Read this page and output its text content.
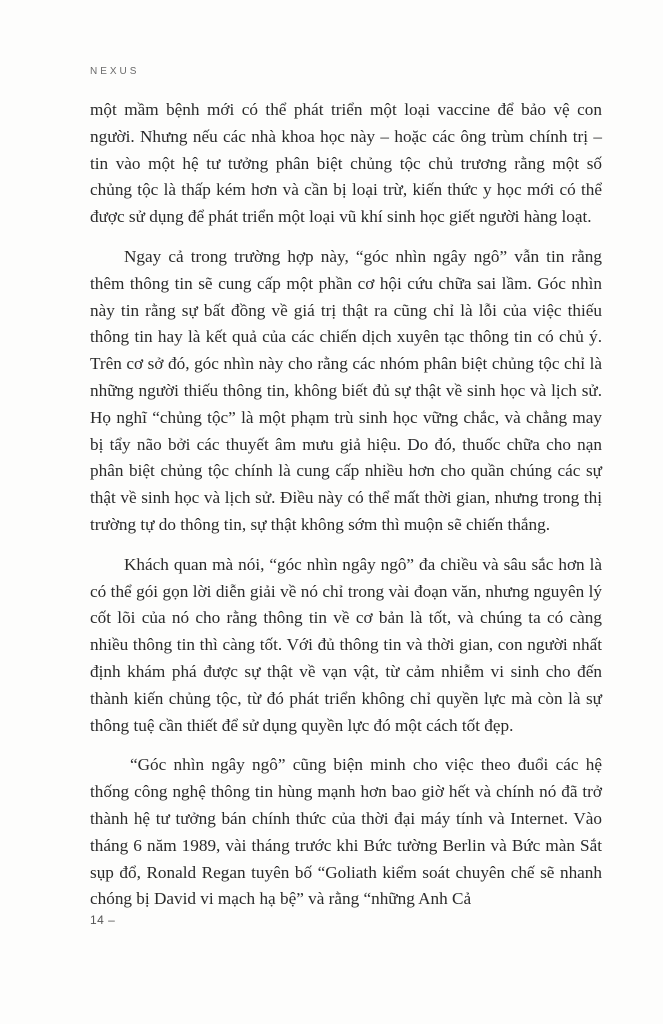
NEXUS

một mầm bệnh mới có thể phát triển một loại vaccine để bảo vệ con người. Nhưng nếu các nhà khoa học này – hoặc các ông trùm chính trị – tin vào một hệ tư tưởng phân biệt chủng tộc chủ trương rằng một số chủng tộc là thấp kém hơn và cần bị loại trừ, kiến thức y học mới có thể được sử dụng để phát triển một loại vũ khí sinh học giết người hàng loạt.

Ngay cả trong trường hợp này, “góc nhìn ngây ngô” vẫn tin rằng thêm thông tin sẽ cung cấp một phần cơ hội cứu chữa sai lầm. Góc nhìn này tin rằng sự bất đồng về giá trị thật ra cũng chỉ là lỗi của việc thiếu thông tin hay là kết quả của các chiến dịch xuyên tạc thông tin có chủ ý. Trên cơ sở đó, góc nhìn này cho rằng các nhóm phân biệt chủng tộc chỉ là những người thiếu thông tin, không biết đủ sự thật về sinh học và lịch sử. Họ nghĩ “chủng tộc” là một phạm trù sinh học vững chắc, và chẳng may bị tẩy não bởi các thuyết âm mưu giả hiệu. Do đó, thuốc chữa cho nạn phân biệt chủng tộc chính là cung cấp nhiều hơn cho quần chúng các sự thật về sinh học và lịch sử. Điều này có thể mất thời gian, nhưng trong thị trường tự do thông tin, sự thật không sớm thì muộn sẽ chiến thắng.

Khách quan mà nói, “góc nhìn ngây ngô” đa chiều và sâu sắc hơn là có thể gói gọn lời diễn giải về nó chỉ trong vài đoạn văn, nhưng nguyên lý cốt lõi của nó cho rằng thông tin về cơ bản là tốt, và chúng ta có càng nhiều thông tin thì càng tốt. Với đủ thông tin và thời gian, con người nhất định khám phá được sự thật về vạn vật, từ cảm nhiễm vi sinh cho đến thành kiến chủng tộc, từ đó phát triển không chỉ quyền lực mà còn là sự thông tuệ cần thiết để sử dụng quyền lực đó một cách tốt đẹp.

“Góc nhìn ngây ngô” cũng biện minh cho việc theo đuổi các hệ thống công nghệ thông tin hùng mạnh hơn bao giờ hết và chính nó đã trở thành hệ tư tưởng bán chính thức của thời đại máy tính và Internet. Vào tháng 6 năm 1989, vài tháng trước khi Bức tường Berlin và Bức màn Sắt sụp đổ, Ronald Regan tuyên bố “Goliath kiểm soát chuyên chế sẽ nhanh chóng bị David vi mạch hạ bệ” và rằng “những Anh Cả

14 –
